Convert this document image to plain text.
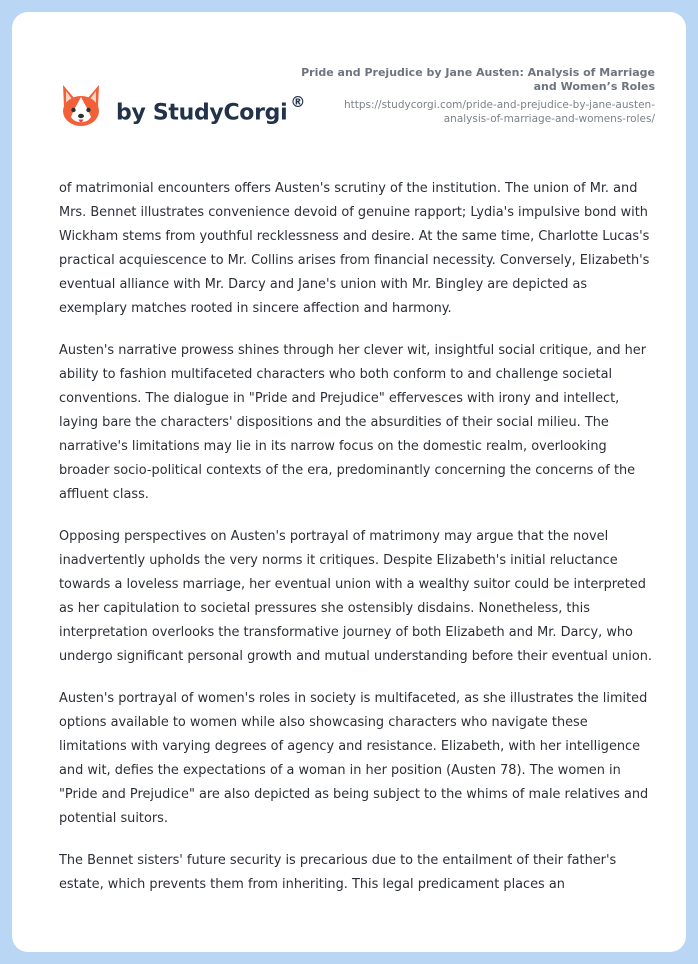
by StudyCorgi ®
Pride and Prejudice by Jane Austen: Analysis of Marriage
and Women’s Roles
https://studycorgi.com/pride-and-prejudice-by-jane-austen-
analysis-of-marriage-and-womens-roles/

of matrimonial encounters offers Austen's scrutiny of the institution. The union of Mr. and Mrs. Bennet illustrates convenience devoid of genuine rapport; Lydia's impulsive bond with Wickham stems from youthful recklessness and desire. At the same time, Charlotte Lucas's practical acquiescence to Mr. Collins arises from financial necessity. Conversely, Elizabeth's eventual alliance with Mr. Darcy and Jane's union with Mr. Bingley are depicted as exemplary matches rooted in sincere affection and harmony.

Austen's narrative prowess shines through her clever wit, insightful social critique, and her ability to fashion multifaceted characters who both conform to and challenge societal conventions. The dialogue in "Pride and Prejudice" effervesces with irony and intellect, laying bare the characters' dispositions and the absurdities of their social milieu. The narrative's limitations may lie in its narrow focus on the domestic realm, overlooking broader socio-political contexts of the era, predominantly concerning the concerns of the affluent class.

Opposing perspectives on Austen's portrayal of matrimony may argue that the novel inadvertently upholds the very norms it critiques. Despite Elizabeth's initial reluctance towards a loveless marriage, her eventual union with a wealthy suitor could be interpreted as her capitulation to societal pressures she ostensibly disdains. Nonetheless, this interpretation overlooks the transformative journey of both Elizabeth and Mr. Darcy, who undergo significant personal growth and mutual understanding before their eventual union.

Austen's portrayal of women's roles in society is multifaceted, as she illustrates the limited options available to women while also showcasing characters who navigate these limitations with varying degrees of agency and resistance. Elizabeth, with her intelligence and wit, defies the expectations of a woman in her position (Austen 78). The women in "Pride and Prejudice" are also depicted as being subject to the whims of male relatives and potential suitors.

The Bennet sisters' future security is precarious due to the entailment of their father's estate, which prevents them from inheriting. This legal predicament places an
